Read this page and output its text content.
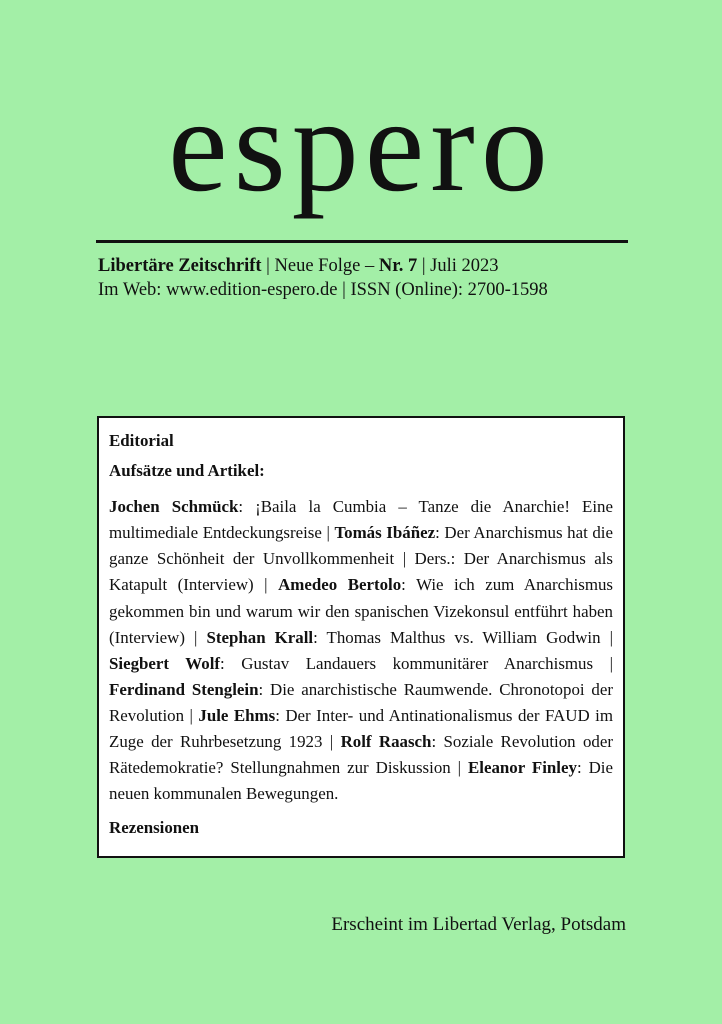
espero
Libertäre Zeitschrift | Neue Folge – Nr. 7 | Juli 2023
Im Web: www.edition-espero.de | ISSN (Online): 2700-1598

Editorial

Aufsätze und Artikel:

Jochen Schmück: ¡Baila la Cumbia – Tanze die Anarchie! Eine multimediale Entdeckungsreise | Tomás Ibáñez: Der Anarchismus hat die ganze Schönheit der Unvollkommenheit | Ders.: Der Anarchismus als Katapult (Interview) | Amedeo Bertolo: Wie ich zum Anarchismus gekommen bin und warum wir den spanischen Vizekonsul entführt haben (Interview) | Stephan Krall: Thomas Malthus vs. William Godwin | Siegbert Wolf: Gustav Landauers kommunitärer Anarchismus | Ferdinand Stenglein: Die anarchistische Raumwende. Chronotopoi der Revolution | Jule Ehms: Der Inter- und Antinationalismus der FAUD im Zuge der Ruhrbesetzung 1923 | Rolf Raasch: Soziale Revolution oder Rätedemokratie? Stellungnahmen zur Diskussion | Eleanor Finley: Die neuen kommunalen Bewegungen.

Rezensionen

Erscheint im Libertad Verlag, Potsdam
